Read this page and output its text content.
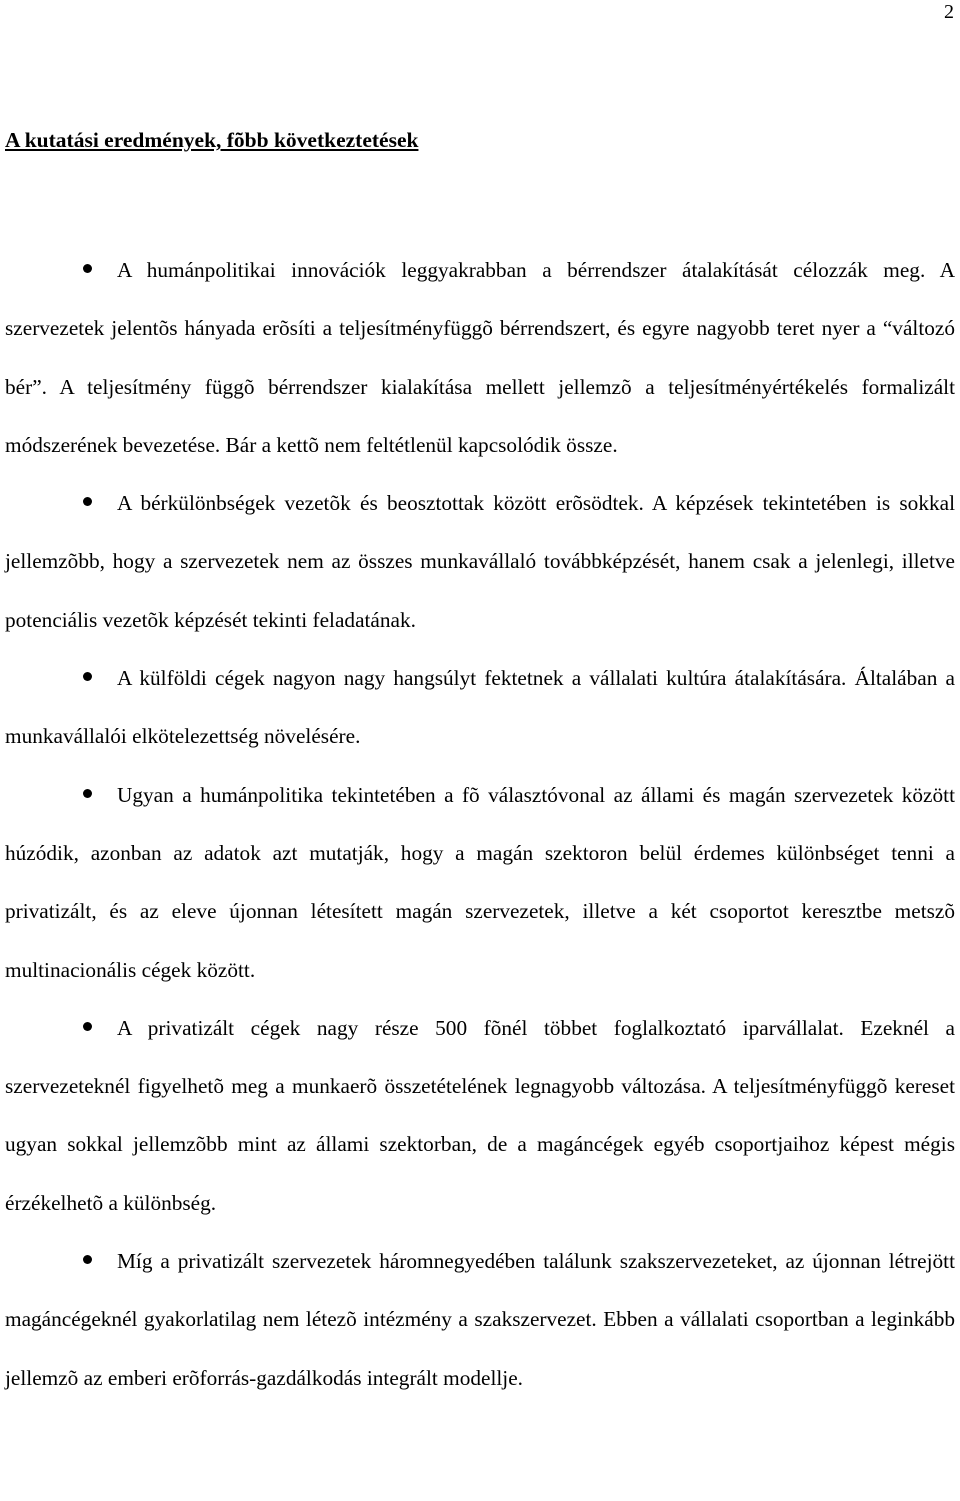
2
A kutatási eredmények, fõbb következtetések

A humánpolitikai innovációk leggyakrabban a bérrendszer átalakítását célozzák meg. A szervezetek jelentõs hányada erõsíti a teljesítményfüggõ bérrendszert, és egyre nagyobb teret nyer a “változó bér”. A teljesítmény függõ bérrendszer kialakítása mellett jellemzõ a teljesítményértékelés formalizált módszerének bevezetése. Bár a kettõ nem feltétlenül kapcsolódik össze.

A bérkülönbségek vezetõk és beosztottak között erõsödtek. A képzések tekintetében is sokkal jellemzõbb, hogy a szervezetek nem az összes munkavállaló továbbképzését, hanem csak a jelenlegi, illetve potenciális vezetõk képzését tekinti feladatának.

A külföldi cégek nagyon nagy hangsúlyt fektetnek a vállalati kultúra átalakítására. Általában a munkavállalói elkötelezettség növelésére.

Ugyan a humánpolitika tekintetében a fõ választóvonal az állami és magán szervezetek között húzódik, azonban az adatok azt mutatják, hogy a magán szektoron belül érdemes különbséget tenni a privatizált, és az eleve újonnan létesített magán szervezetek, illetve a két csoportot keresztbe metszõ multinacionális cégek között.

A privatizált cégek nagy része 500 fõnél többet foglalkoztató iparvállalat. Ezeknél a szervezeteknél figyelhetõ meg a munkaerõ összetételének legnagyobb változása. A teljesítményfüggõ kereset ugyan sokkal jellemzõbb mint az állami szektorban, de a magáncégek egyéb csoportjaihoz képest mégis érzékelhetõ a különbség.

Míg a privatizált szervezetek háromnegyedében találunk szakszervezeteket, az újonnan létrejött magáncégeknél gyakorlatilag nem létezõ intézmény a szakszervezet. Ebben a vállalati csoportban a leginkább jellemzõ az emberi erõforrás-gazdálkodás integrált modellje.
